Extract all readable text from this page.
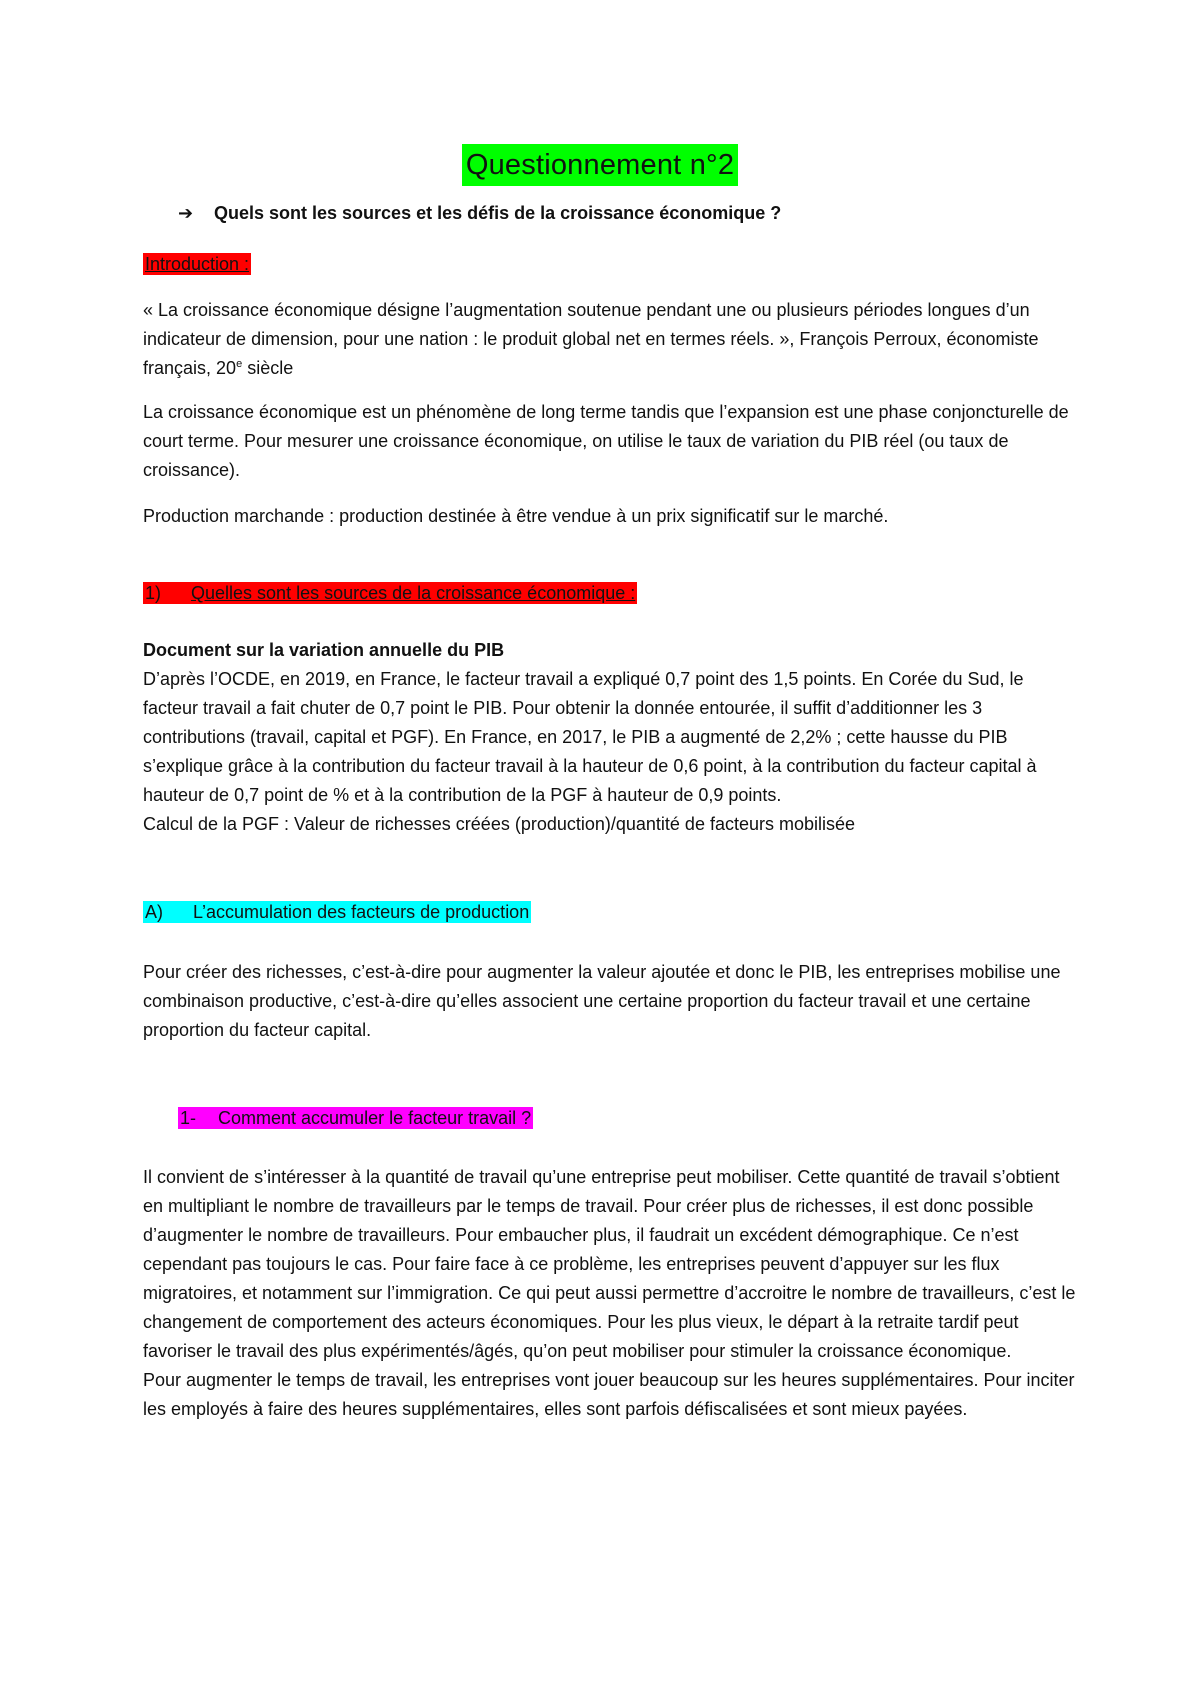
Questionnement n°2
➔ Quels sont les sources et les défis de la croissance économique ?
Introduction :
« La croissance économique désigne l’augmentation soutenue pendant une ou plusieurs périodes longues d’un indicateur de dimension, pour une nation : le produit global net en termes réels. », François Perroux, économiste français, 20e siècle
La croissance économique est un phénomène de long terme tandis que l’expansion est une phase conjoncturelle de court terme. Pour mesurer une croissance économique, on utilise le taux de variation du PIB réel (ou taux de croissance).
Production marchande : production destinée à être vendue à un prix significatif sur le marché.
1) Quelles sont les sources de la croissance économique :

Document sur la variation annuelle du PIB

D’après l’OCDE, en 2019, en France, le facteur travail a expliqué 0,7 point des 1,5 points. En Corée du Sud, le facteur travail a fait chuter de 0,7 point le PIB. Pour obtenir la donnée entourée, il suffit d’additionner les 3 contributions (travail, capital et PGF). En France, en 2017, le PIB a augmenté de 2,2% ; cette hausse du PIB s’explique grâce à la contribution du facteur travail à la hauteur de 0,6 point, à la contribution du facteur capital à hauteur de 0,7 point de % et à la contribution de la PGF à hauteur de 0,9 points.

Calcul de la PGF : Valeur de richesses créées (production)/quantité de facteurs mobilisée

A) L’accumulation des facteurs de production
Pour créer des richesses, c’est-à-dire pour augmenter la valeur ajoutée et donc le PIB, les entreprises mobilise une combinaison productive, c’est-à-dire qu’elles associent une certaine proportion du facteur travail et une certaine proportion du facteur capital.
1- Comment accumuler le facteur travail ?

Il convient de s’intéresser à la quantité de travail qu’une entreprise peut mobiliser. Cette quantité de travail s’obtient en multipliant le nombre de travailleurs par le temps de travail. Pour créer plus de richesses, il est donc possible d’augmenter le nombre de travailleurs. Pour embaucher plus, il faudrait un excédent démographique. Ce n’est cependant pas toujours le cas. Pour faire face à ce problème, les entreprises peuvent d’appuyer sur les flux migratoires, et notamment sur l’immigration. Ce qui peut aussi permettre d’accroitre le nombre de travailleurs, c’est le changement de comportement des acteurs économiques. Pour les plus vieux, le départ à la retraite tardif peut favoriser le travail des plus expérimentés/âgés, qu’on peut mobiliser pour stimuler la croissance économique.

Pour augmenter le temps de travail, les entreprises vont jouer beaucoup sur les heures supplémentaires. Pour inciter les employés à faire des heures supplémentaires, elles sont parfois défiscalisées et sont mieux payées.
